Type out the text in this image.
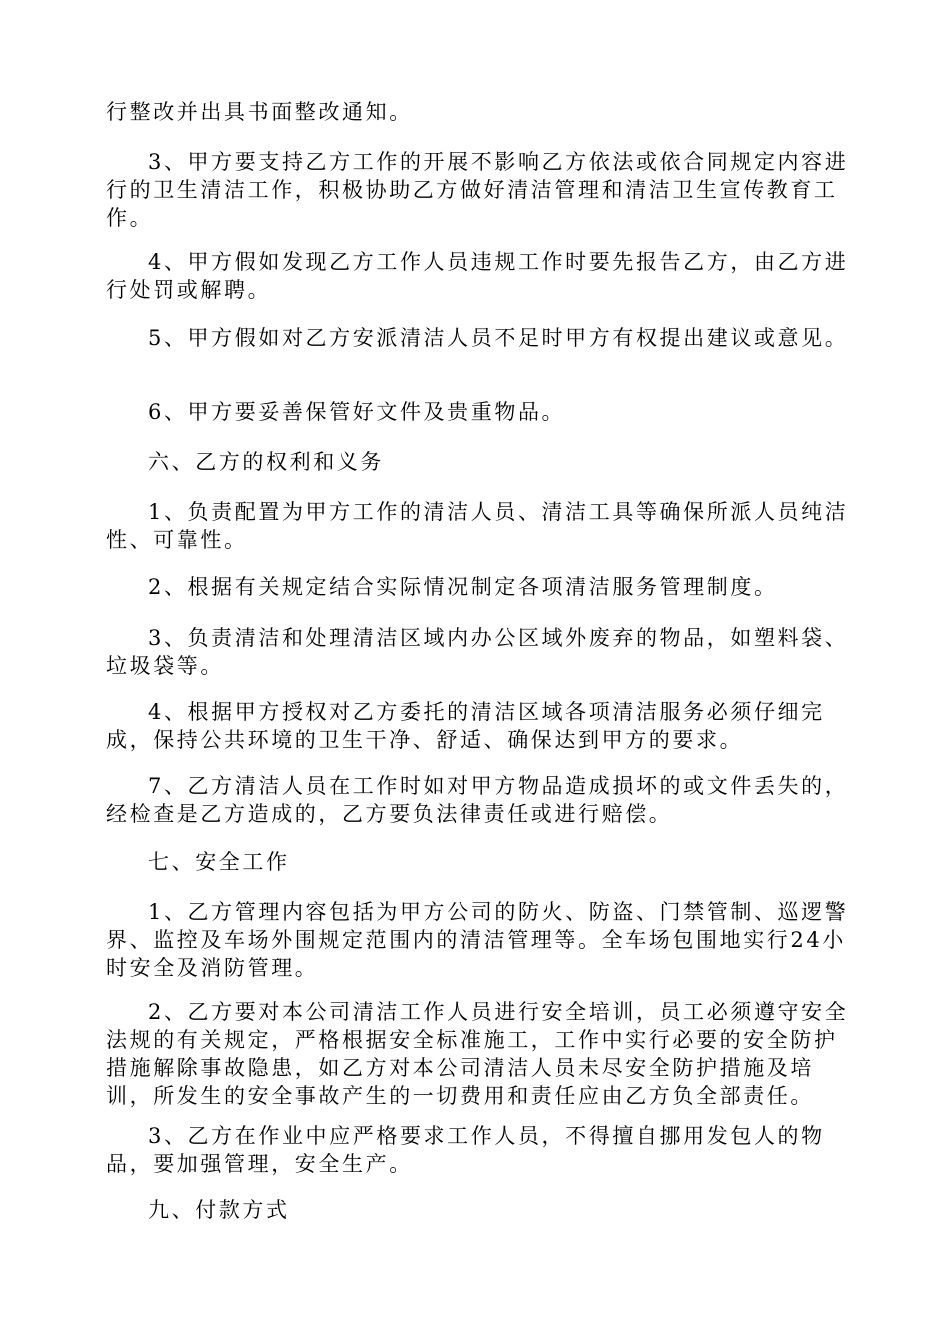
行整改并出具书面整改通知。

3、甲方要支持乙方工作的开展不影响乙方依法或依合同规定内容进行的卫生清洁工作，积极协助乙方做好清洁管理和清洁卫生宣传教育工作。

4、甲方假如发现乙方工作人员违规工作时要先报告乙方，由乙方进行处罚或解聘。

5、甲方假如对乙方安派清洁人员不足时甲方有权提出建议或意见。

6、甲方要妥善保管好文件及贵重物品。

六、乙方的权利和义务

1、负责配置为甲方工作的清洁人员、清洁工具等确保所派人员纯洁性、可靠性。

2、根据有关规定结合实际情况制定各项清洁服务管理制度。

3、负责清洁和处理清洁区域内办公区域外废弃的物品，如塑料袋、垃圾袋等。

4、根据甲方授权对乙方委托的清洁区域各项清洁服务必须仔细完成，保持公共环境的卫生干净、舒适、确保达到甲方的要求。

7、乙方清洁人员在工作时如对甲方物品造成损坏的或文件丢失的，经检查是乙方造成的，乙方要负法律责任或进行赔偿。

七、安全工作

1、乙方管理内容包括为甲方公司的防火、防盗、门禁管制、巡逻警界、监控及车场外围规定范围内的清洁管理等。全车场包围地实行24小时安全及消防管理。

2、乙方要对本公司清洁工作人员进行安全培训，员工必须遵守安全法规的有关规定，严格根据安全标准施工，工作中实行必要的安全防护措施解除事故隐患，如乙方对本公司清洁人员未尽安全防护措施及培训，所发生的安全事故产生的一切费用和责任应由乙方负全部责任。

3、乙方在作业中应严格要求工作人员，不得擅自挪用发包人的物品，要加强管理，安全生产。

九、付款方式
